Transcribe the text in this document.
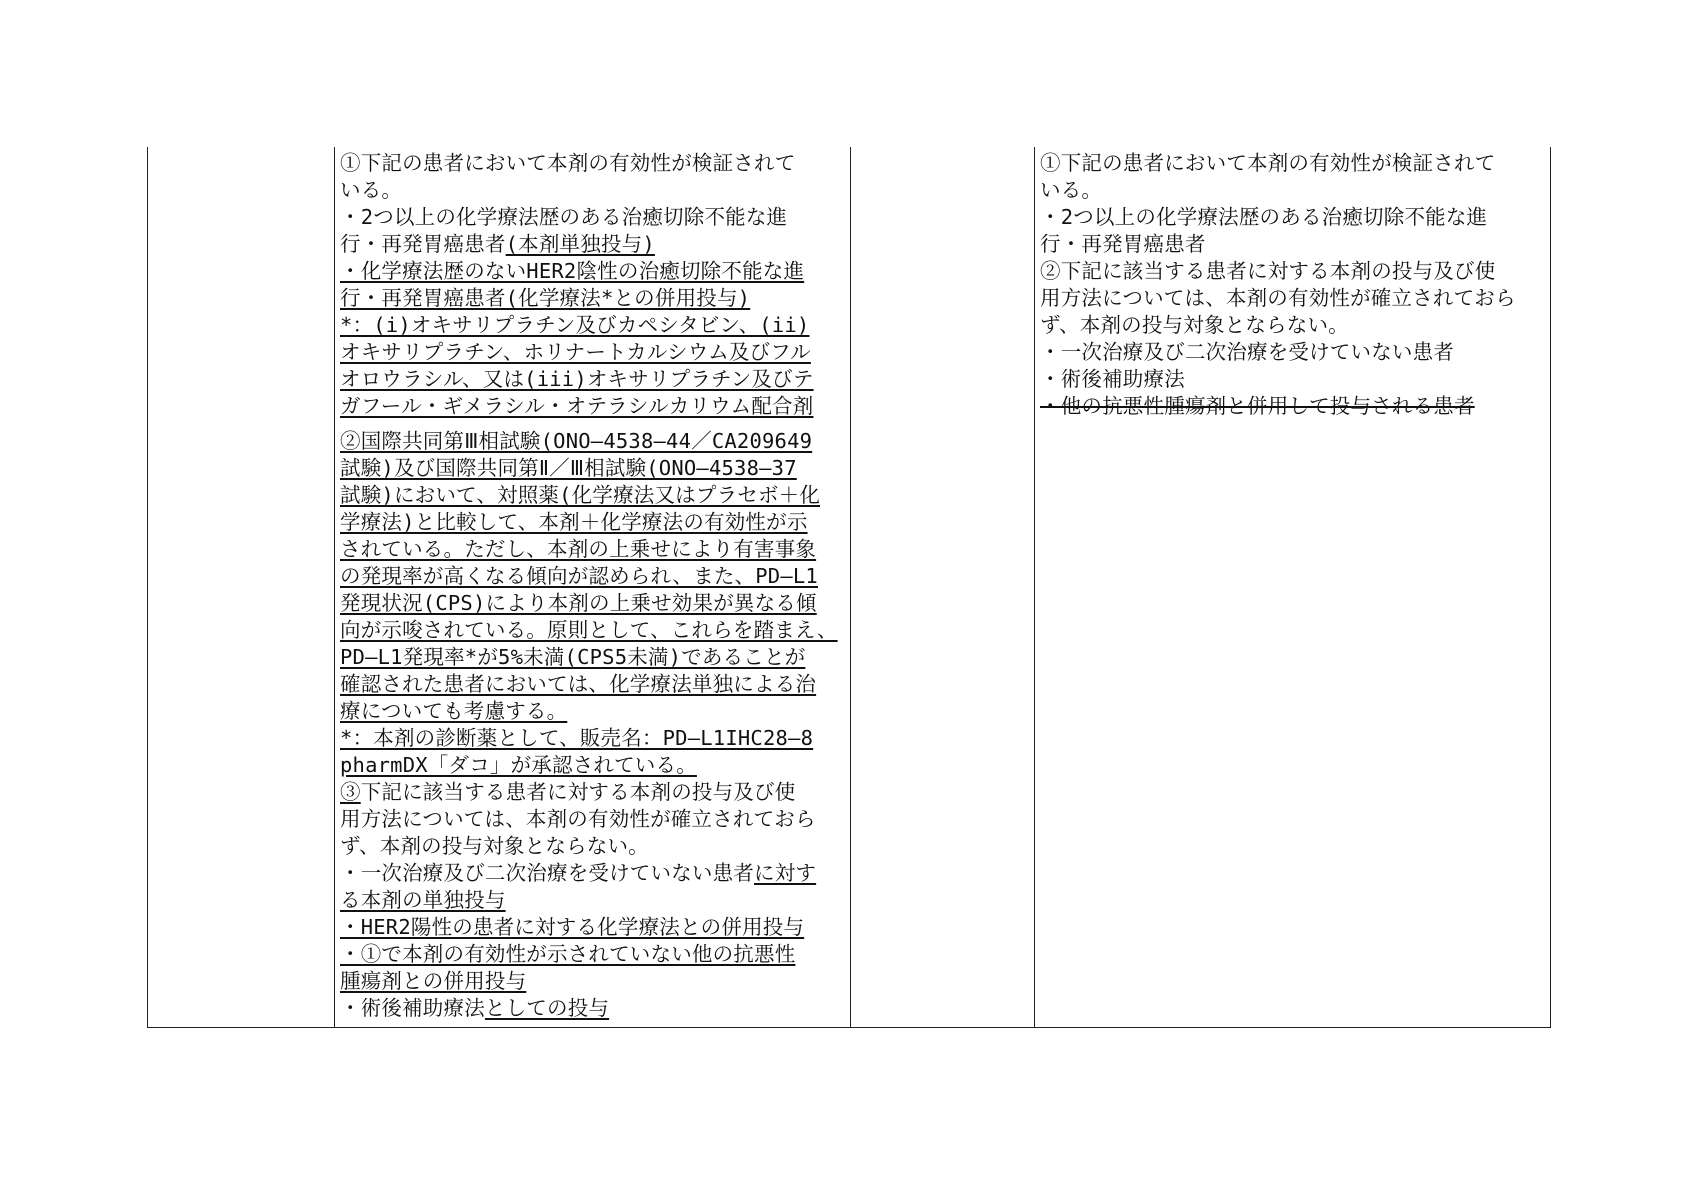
①下記の患者において本剤の有効性が検証されて
いる。
・2つ以上の化学療法歴のある治癒切除不能な進
行・再発胃癌患者(本剤単独投与)
・化学療法歴のないHER2陰性の治癒切除不能な進
行・再発胃癌患者(化学療法*との併用投与)
*：(i)オキサリプラチン及びカペシタビン、(ii)
オキサリプラチン、ホリナートカルシウム及びフル
オロウラシル、又は(iii)オキサリプラチン及びテ
ガフール・ギメラシル・オテラシルカリウム配合剤
②国際共同第Ⅲ相試験(ONO―4538―44／CA209649
試験)及び国際共同第Ⅱ／Ⅲ相試験(ONO―4538―37
試験)において、対照薬(化学療法又はプラセボ＋化
学療法)と比較して、本剤＋化学療法の有効性が示
されている。ただし、本剤の上乗せにより有害事象
の発現率が高くなる傾向が認められ、また、PD―L1
発現状況(CPS)により本剤の上乗せ効果が異なる傾
向が示唆されている。原則として、これらを踏まえ、
PD―L1発現率*が5%未満(CPS5未満)であることが
確認された患者においては、化学療法単独による治
療についても考慮する。
*：本剤の診断薬として、販売名：PD―L1IHC28―8
pharmDX「ダコ」が承認されている。
③下記に該当する患者に対する本剤の投与及び使
用方法については、本剤の有効性が確立されておら
ず、本剤の投与対象とならない。
・一次治療及び二次治療を受けていない患者に対す
る本剤の単独投与
・HER2陽性の患者に対する化学療法との併用投与
・①で本剤の有効性が示されていない他の抗悪性
腫瘍剤との併用投与
・術後補助療法としての投与
①下記の患者において本剤の有効性が検証されて
いる。
・2つ以上の化学療法歴のある治癒切除不能な進
行・再発胃癌患者
②下記に該当する患者に対する本剤の投与及び使
用方法については、本剤の有効性が確立されておら
ず、本剤の投与対象とならない。
・一次治療及び二次治療を受けていない患者
・術後補助療法
・他の抗悪性腫瘍剤と併用して投与される患者
